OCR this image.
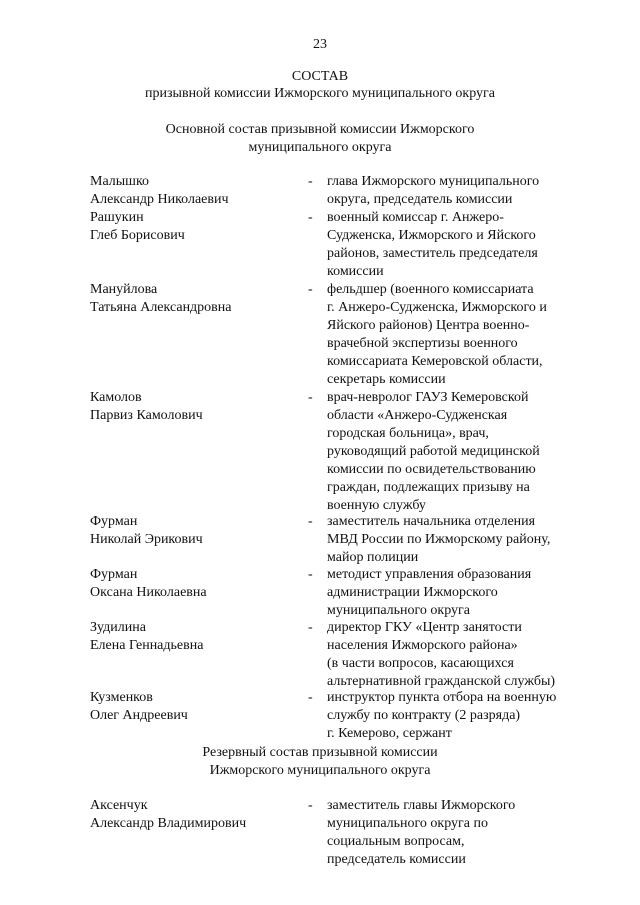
23
СОСТАВ
призывной комиссии Ижморского муниципального округа
Основной состав призывной комиссии Ижморского
муниципального округа
Малышко
Александр Николаевич
- глава Ижморского муниципального
округа, председатель комиссии
Рашукин
Глеб Борисович
- военный комиссар г. Анжеро-
Судженска, Ижморского и Яйского
районов, заместитель председателя
комиссии
Мануйлова
Татьяна Александровна
- фельдшер (военного комиссариата
г. Анжеро-Судженска, Ижморского и
Яйского районов) Центра военно-
врачебной экспертизы военного
комиссариата Кемеровской области,
секретарь комиссии
Камолов
Парвиз Камолович
- врач-невролог ГАУЗ Кемеровской
области «Анжеро-Судженская
городская больница», врач,
руководящий работой медицинской
комиссии по освидетельствованию
граждан, подлежащих призыву на
военную службу
Фурман
Николай Эрикович
- заместитель начальника отделения
МВД России по Ижморскому району,
майор полиции
Фурман
Оксана Николаевна
- методист управления образования
администрации Ижморского
муниципального округа
Зудилина
Елена Геннадьевна
- директор ГКУ «Центр занятости
населения Ижморского района»
(в части вопросов, касающихся
альтернативной гражданской службы)
Кузменков
Олег Андреевич
- инструктор пункта отбора на военную
службу по контракту (2 разряда)
г. Кемерово, сержант
Резервный состав призывной комиссии
Ижморского муниципального округа
Аксенчук
Александр Владимирович
- заместитель главы Ижморского
муниципального округа по
социальным вопросам,
председатель комиссии
